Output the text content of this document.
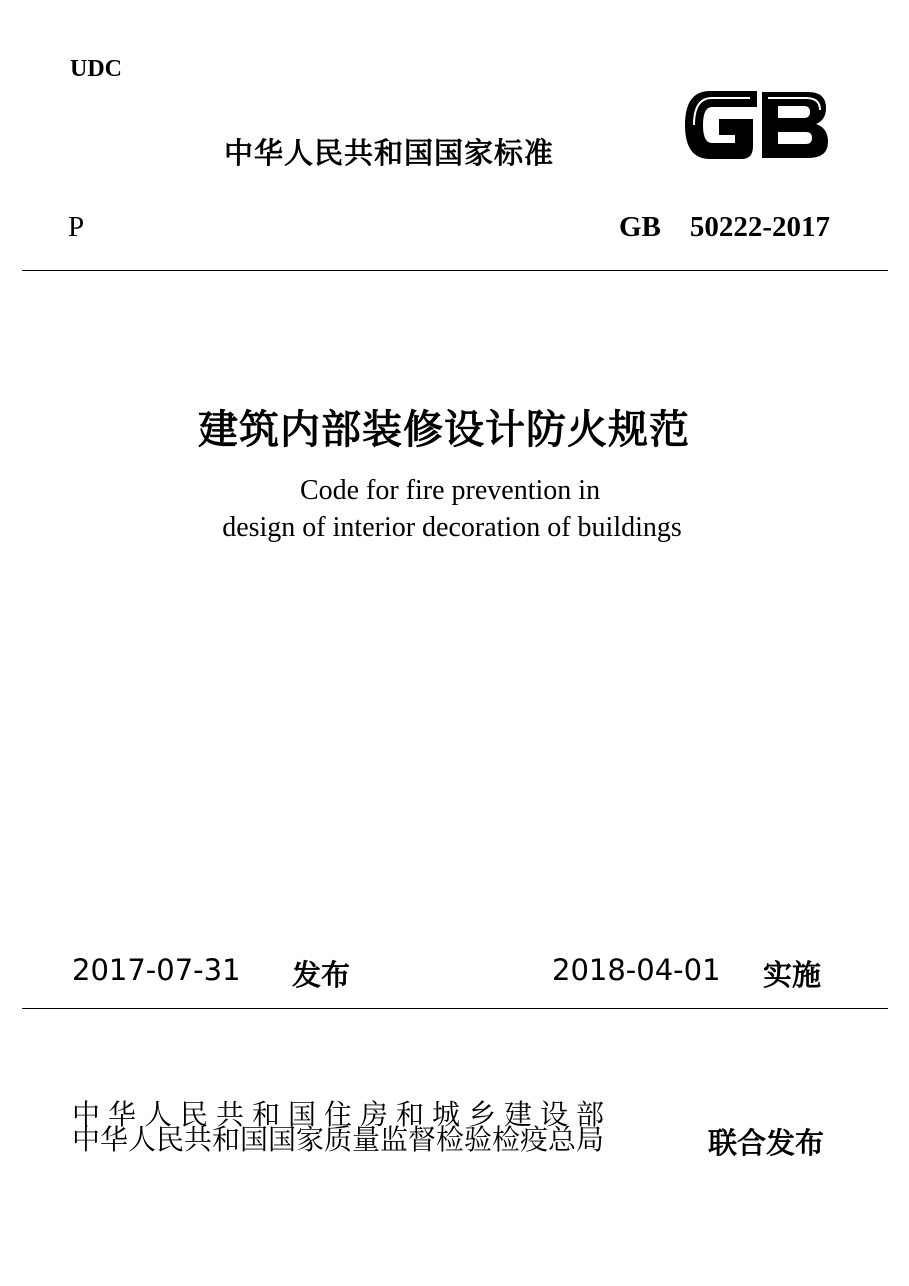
UDC
中华人民共和国国家标准
P	GB    50222-2017
建筑内部装修设计防火规范
Code for fire prevention in
design of interior decoration of buildings
2017-07-31 发布	2018-04-01 实施
中华人民共和国住房和城乡建设部
中华人民共和国国家质量监督检验检疫总局	联合发布
